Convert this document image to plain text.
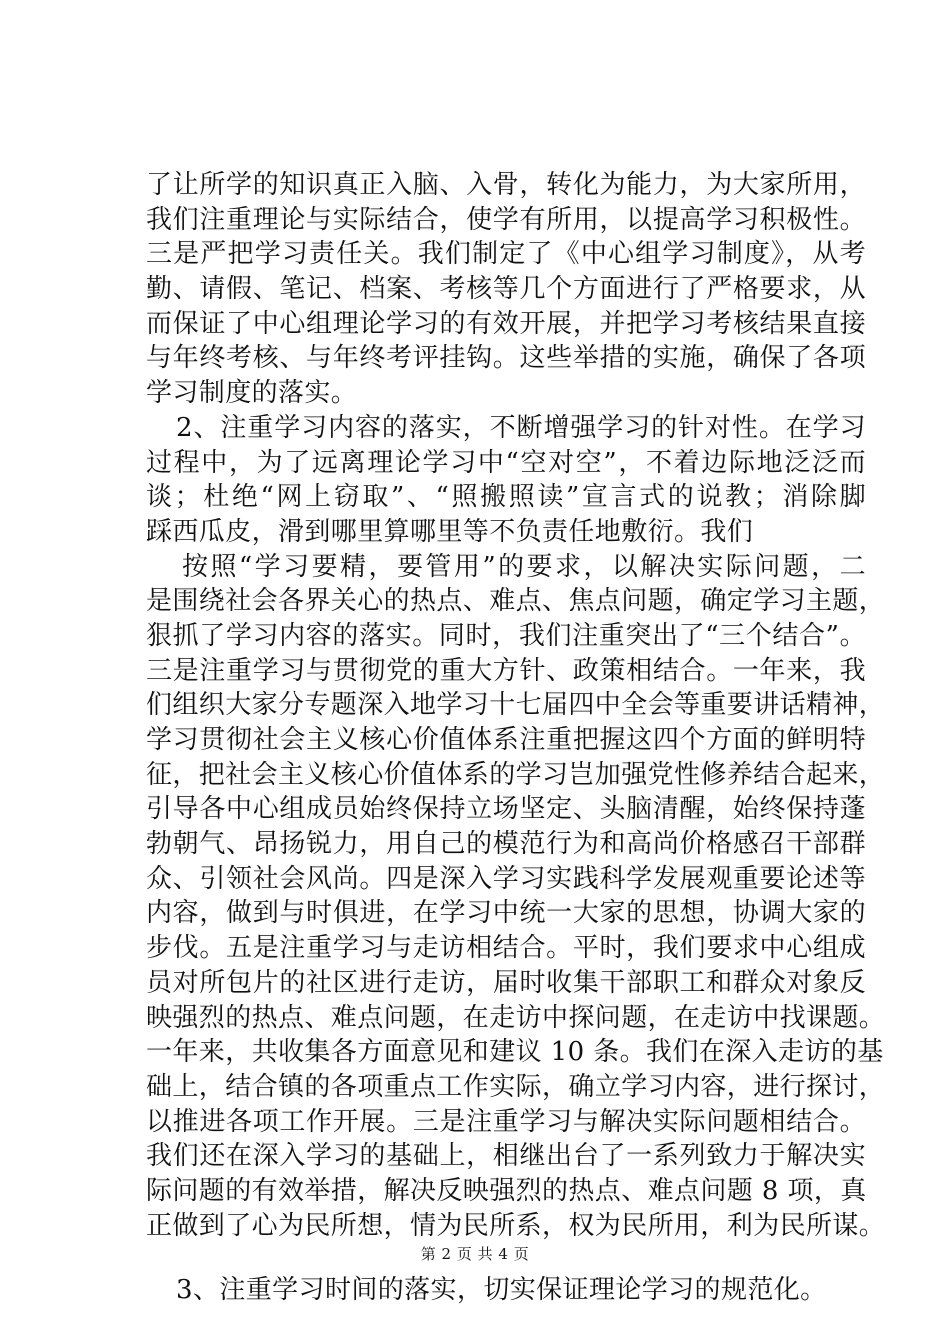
了让所学的知识真正入脑、入骨，转化为能力，为大家所用，
我们注重理论与实际结合，使学有所用，以提高学习积极性。
三是严把学习责任关。我们制定了《中心组学习制度》，从考
勤、请假、笔记、档案、考核等几个方面进行了严格要求，从
而保证了中心组理论学习的有效开展，并把学习考核结果直接
与年终考核、与年终考评挂钩。这些举措的实施，确保了各项
学习制度的落实。
2、注重学习内容的落实，不断增强学习的针对性。在学习
过程中，为了远离理论学习中“空对空”，不着边际地泛泛而
谈；杜绝“网上窃取”、“照搬照读”宣言式的说教；消除脚
踩西瓜皮，滑到哪里算哪里等不负责任地敷衍。我们
按照“学习要精，要管用”的要求，以解决实际问题，二
是围绕社会各界关心的热点、难点、焦点问题，确定学习主题，
狠抓了学习内容的落实。同时，我们注重突出了“三个结合”。
三是注重学习与贯彻党的重大方针、政策相结合。一年来，我
们组织大家分专题深入地学习十七届四中全会等重要讲话精神，
学习贯彻社会主义核心价值体系注重把握这四个方面的鲜明特
征，把社会主义核心价值体系的学习岂加强党性修养结合起来，
引导各中心组成员始终保持立场坚定、头脑清醒，始终保持蓬
勃朝气、昂扬锐力，用自己的模范行为和高尚价格感召干部群
众、引领社会风尚。四是深入学习实践科学发展观重要论述等
内容，做到与时俱进，在学习中统一大家的思想，协调大家的
步伐。五是注重学习与走访相结合。平时，我们要求中心组成
员对所包片的社区进行走访，届时收集干部职工和群众对象反
映强烈的热点、难点问题，在走访中探问题，在走访中找课题。
一年来，共收集各方面意见和建议 10 条。我们在深入走访的基
础上，结合镇的各项重点工作实际，确立学习内容，进行探讨，
以推进各项工作开展。三是注重学习与解决实际问题相结合。
我们还在深入学习的基础上，相继出台了一系列致力于解决实
际问题的有效举措，解决反映强烈的热点、难点问题 8 项，真
正做到了心为民所想，情为民所系，权为民所用，利为民所谋。
3、注重学习时间的落实，切实保证理论学习的规范化。
第 2 页 共 4 页
